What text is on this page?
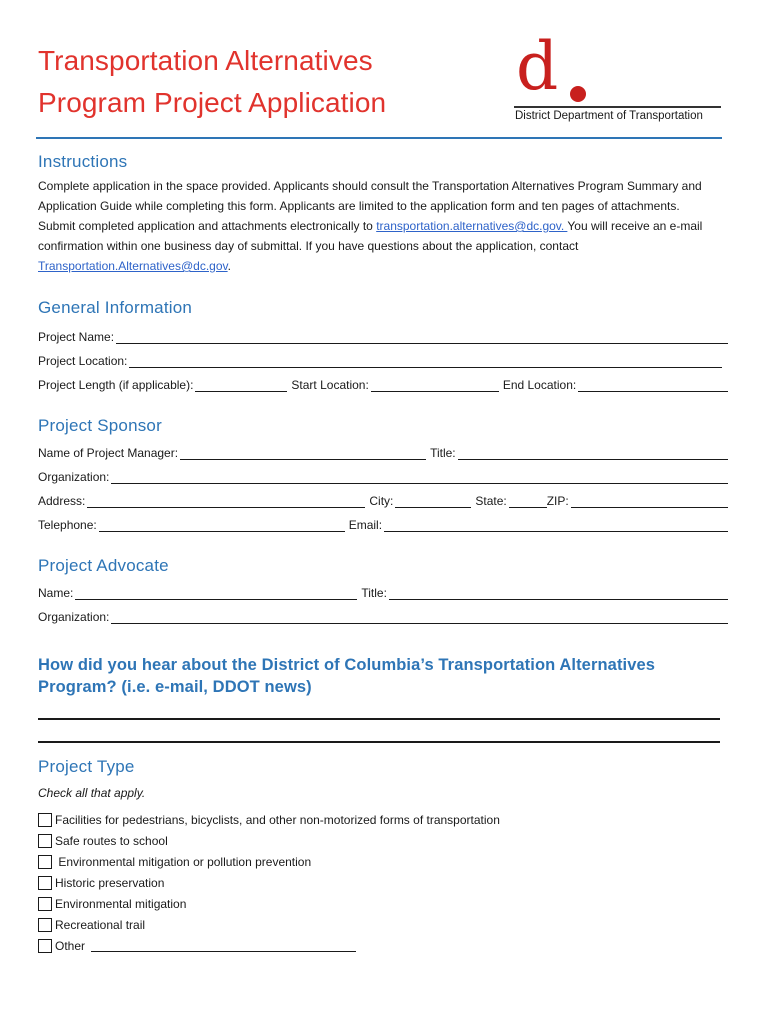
Transportation Alternatives
Program Project Application	d
District Department of Transportation
Instructions

Complete application in the space provided. Applicants should consult the Transportation Alternatives Program Summary and Application Guide while completing this form. Applicants are limited to the application form and ten pages of attachments. Submit completed application and attachments electronically to transportation.alternatives@dc.gov. You will receive an e-mail confirmation within one business day of submittal. If you have questions about the application, contact Transportation.Alternatives@dc.gov.

General Information
Project Name:
Project Location:
Project Length (if applicable):	Start Location:	End Location:
Project Sponsor
Name of Project Manager:	Title:
Organization:
Address:	City:	State:	ZIP:
Telephone:	Email:
Project Advocate
Name:	Title:
Organization:
How did you hear about the District of Columbia’s Transportation Alternatives
Program? (i.e. e-mail, DDOT news)
Project Type
Check all that apply.
Facilities for pedestrians, bicyclists, and other non-motorized forms of transportation
Safe routes to school
Environmental mitigation or pollution prevention
Historic preservation
Environmental mitigation
Recreational trail
Other
